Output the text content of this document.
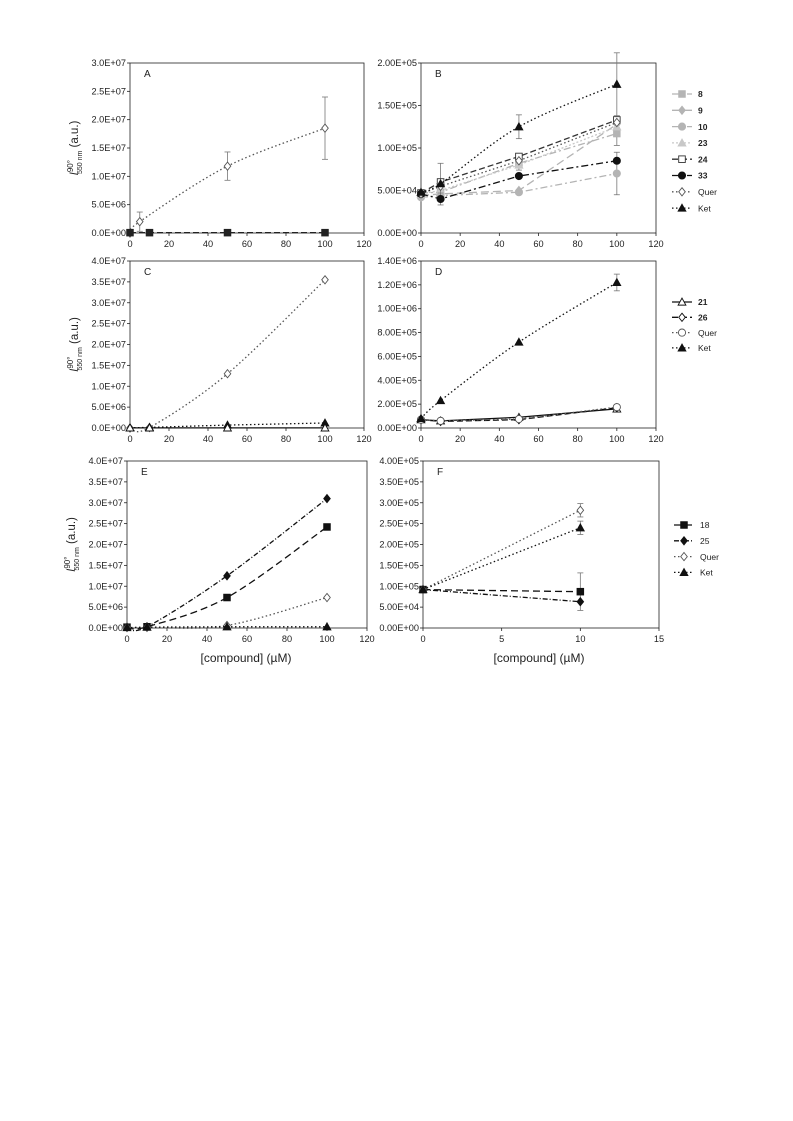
A
0.0E+00
5.0E+06
1.0E+07
1.5E+07
2.0E+07
2.5E+07
3.0E+07
0	20	40	60	80	100	120
$I^{90^\circ}$ 550 nm (a.u.)
B
0.00E+00
5.00E+04
1.00E+05
1.50E+05
2.00E+05
0	20	40	60	80	100	120
8
9
10
23
24
33
Quer
Ket
C
0.0E+00
5.0E+06
1.0E+07
1.5E+07
2.0E+07
2.5E+07
3.0E+07
3.5E+07
4.0E+07
0	20	40	60	80	100	120
$I^{90^\circ}$ 550 nm (a.u.)
D
0.00E+00
2.00E+05
4.00E+05
6.00E+05
8.00E+05
1.00E+06
1.20E+06
1.40E+06
0	20	40	60	80	100	120
21
26
Quer
Ket
E
0.0E+00
5.0E+06
1.0E+07
1.5E+07
2.0E+07
2.5E+07
3.0E+07
3.5E+07
4.0E+07
0	20	40	60	80	100	120
$I^{90^\circ}$ 550 nm (a.u.)
F
0.00E+00
5.00E+04
1.00E+05
1.50E+05
2.00E+05
2.50E+05
3.00E+05
3.50E+05
4.00E+05
0	5	10	15
18
25
Quer
Ket
[compound] (µM)	[compound] (µM)
